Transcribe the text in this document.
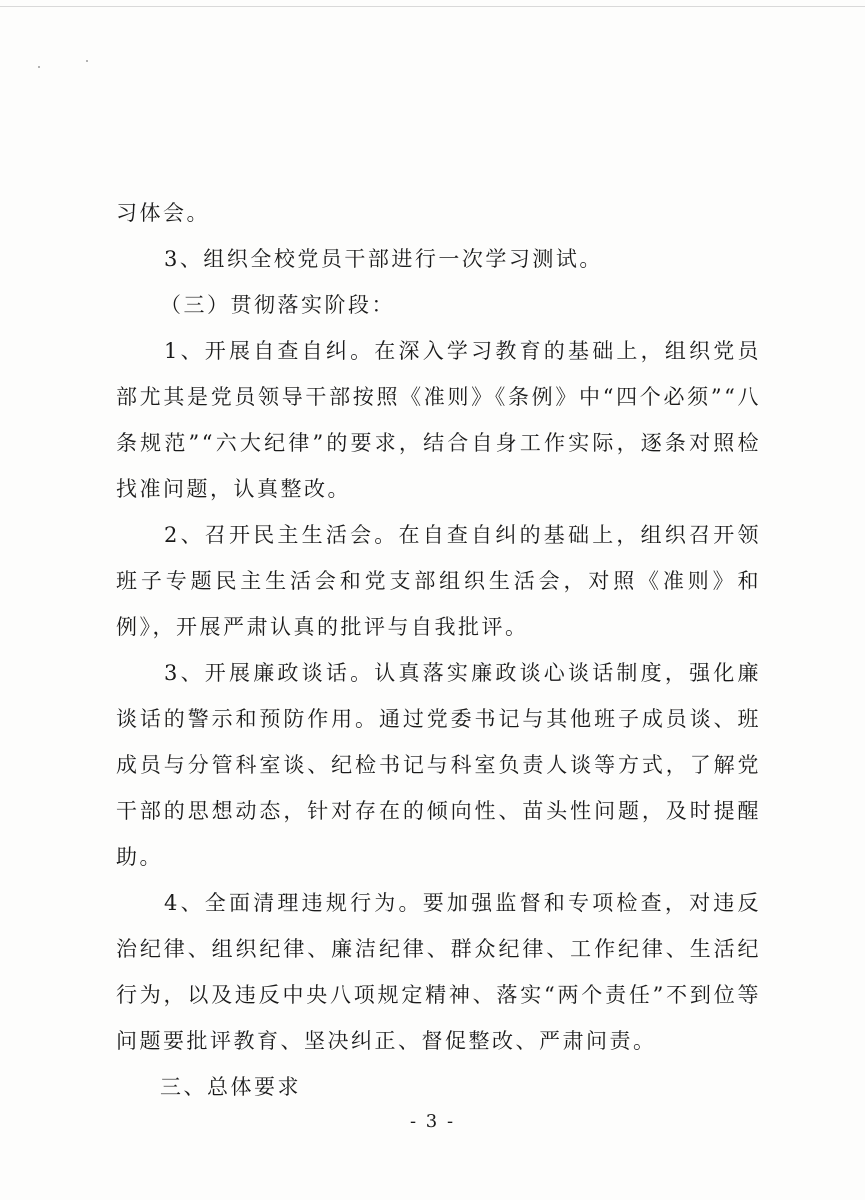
习体会。
3、组织全校党员干部进行一次学习测试。
（三）贯彻落实阶段：
1、开展自查自纠。在深入学习教育的基础上，组织党员
部尤其是党员领导干部按照《准则》《条例》中“四个必须”“八
条规范”“六大纪律”的要求，结合自身工作实际，逐条对照检
找准问题，认真整改。
2、召开民主生活会。在自查自纠的基础上，组织召开领
班子专题民主生活会和党支部组织生活会，对照《准则》和
例》，开展严肃认真的批评与自我批评。
3、开展廉政谈话。认真落实廉政谈心谈话制度，强化廉
谈话的警示和预防作用。通过党委书记与其他班子成员谈、班
成员与分管科室谈、纪检书记与科室负责人谈等方式，了解党
干部的思想动态，针对存在的倾向性、苗头性问题，及时提醒
助。
4、全面清理违规行为。要加强监督和专项检查，对违反
治纪律、组织纪律、廉洁纪律、群众纪律、工作纪律、生活纪
行为，以及违反中央八项规定精神、落实“两个责任”不到位等
问题要批评教育、坚决纠正、督促整改、严肃问责。
三、总体要求
- 3 -
